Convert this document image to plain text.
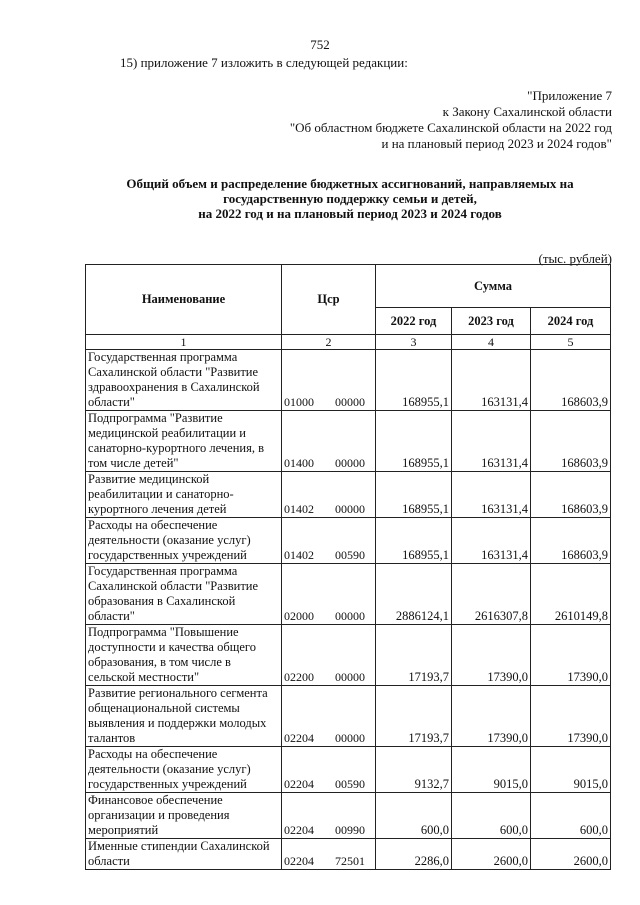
752
15) приложение 7 изложить в следующей редакции:
"Приложение 7
к Закону Сахалинской области
"Об областном бюджете Сахалинской области на 2022 год
и на плановый период 2023 и 2024 годов"
Общий объем и распределение бюджетных ассигнований, направляемых на
государственную поддержку семьи и детей,
на 2022 год и на плановый период 2023 и 2024 годов
(тыс. рублей)
Наименование	Цср	Сумма		
		2022 год	2023 год	2024 год
1	2	3	4	5
Государственная программа Сахалинской области "Развитие здравоохранения в Сахалинской области"	01000 00000	168955,1	163131,4	168603,9
Подпрограмма "Развитие медицинской реабилитации и санаторно-курортного лечения, в том числе детей"	01400 00000	168955,1	163131,4	168603,9
Развитие медицинской реабилитации и санаторно-курортного лечения детей	01402 00000	168955,1	163131,4	168603,9
Расходы на обеспечение деятельности (оказание услуг) государственных учреждений	01402 00590	168955,1	163131,4	168603,9
Государственная программа Сахалинской области "Развитие образования в Сахалинской области"	02000 00000	2886124,1	2616307,8	2610149,8
Подпрограмма "Повышение доступности и качества общего образования, в том числе в сельской местности"	02200 00000	17193,7	17390,0	17390,0
Развитие регионального сегмента общенациональной системы выявления и поддержки молодых талантов	02204 00000	17193,7	17390,0	17390,0
Расходы на обеспечение деятельности (оказание услуг) государственных учреждений	02204 00590	9132,7	9015,0	9015,0
Финансовое обеспечение организации и проведения мероприятий	02204 00990	600,0	600,0	600,0
Именные стипендии Сахалинской области	02204 72501	2286,0	2600,0	2600,0
